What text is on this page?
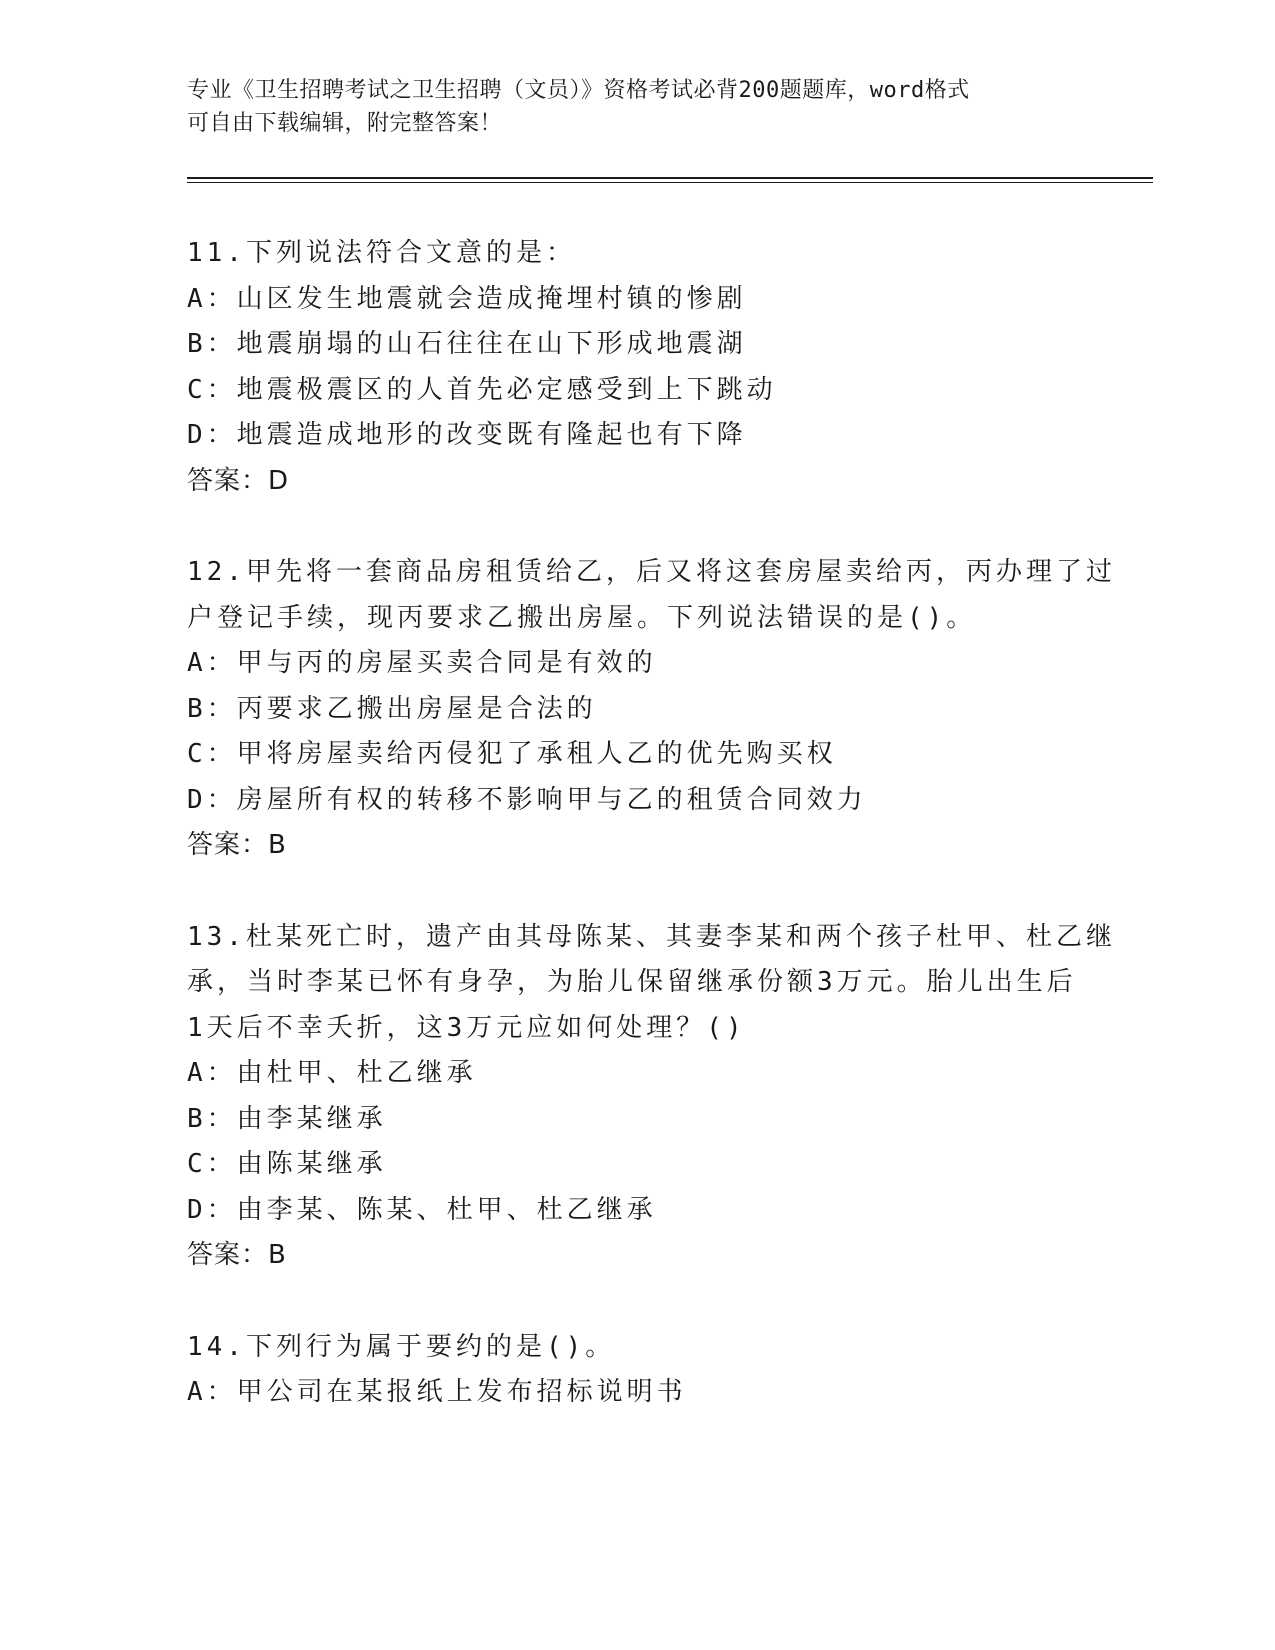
专业《卫生招聘考试之卫生招聘（文员）》资格考试必背200题题库，word格式
可自由下载编辑，附完整答案！
11.下列说法符合文意的是：
A：山区发生地震就会造成掩埋村镇的惨剧
B：地震崩塌的山石往往在山下形成地震湖
C：地震极震区的人首先必定感受到上下跳动
D：地震造成地形的改变既有隆起也有下降
答案：D
12.甲先将一套商品房租赁给乙，后又将这套房屋卖给丙，丙办理了过
户登记手续，现丙要求乙搬出房屋。下列说法错误的是()。
A：甲与丙的房屋买卖合同是有效的
B：丙要求乙搬出房屋是合法的
C：甲将房屋卖给丙侵犯了承租人乙的优先购买权
D：房屋所有权的转移不影响甲与乙的租赁合同效力
答案：B
13.杜某死亡时，遗产由其母陈某、其妻李某和两个孩子杜甲、杜乙继
承，当时李某已怀有身孕，为胎儿保留继承份额3万元。胎儿出生后
1天后不幸夭折，这3万元应如何处理？()
A：由杜甲、杜乙继承
B：由李某继承
C：由陈某继承
D：由李某、陈某、杜甲、杜乙继承
答案：B
14.下列行为属于要约的是()。
A：甲公司在某报纸上发布招标说明书
